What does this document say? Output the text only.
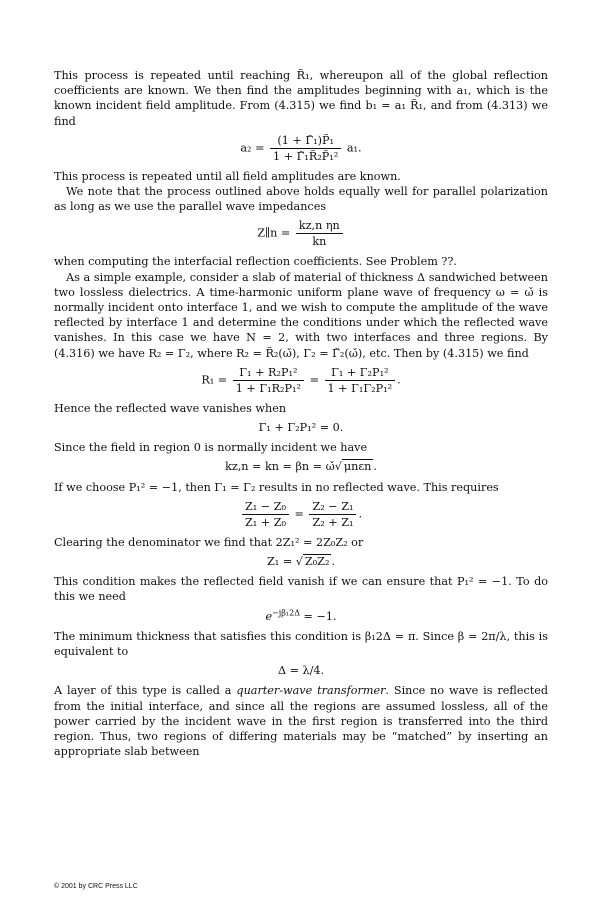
This process is repeated until reaching R̃₁, whereupon all of the global reflection coefficients are known. We then find the amplitudes beginning with a₁, which is the known incident field amplitude. From (4.315) we find b₁ = a₁ R̃₁, and from (4.313) we find

$a_2 = \frac{\text{(1 + Γ̃₁)P̃₁}}{\text{1 + Γ̃₁R̃₂P̃₁²}} a_1$.

This process is repeated until all field amplitudes are known.

We note that the process outlined above holds equally well for parallel polarization as long as we use the parallel wave impedances

Z∥n = $\frac{\text{kz,n ηn}}{kn}$

when computing the interfacial reflection coefficients. See Problem ??.

As a simple example, consider a slab of material of thickness Δ sandwiched between two lossless dielectrics. A time-harmonic uniform plane wave of frequency ω = ω̌ is normally incident onto interface 1, and we wish to compute the amplitude of the wave reflected by interface 1 and determine the conditions under which the reflected wave vanishes. In this case we have N = 2, with two interfaces and three regions. By (4.316) we have R₂ = Γ₂, where R₂ = R̃₂(ω̌), Γ₂ = Γ̃₂(ω̌), etc. Then by (4.315) we find

$R_1 = \frac{\text{Γ₁ + R₂P₁²}}{\text{1 + Γ₁R₂P₁²}} = \frac{\text{Γ₁ + Γ₂P₁²}}{\text{1 + Γ₁Γ₂P₁²}}$ .

Hence the reflected wave vanishes when

Γ₁ + Γ₂P₁² = 0.

Since the field in region 0 is normally incident we have

kz,n = kn = βn = ω̌√ μnεn .

If we choose P₁² = −1, then Γ₁ = Γ₂ results in no reflected wave. This requires

$\frac{\text{Z₁ − Z₀}}{\text{Z₁ + Z₀}} = \frac{\text{Z₂ − Z₁}}{\text{Z₂ + Z₁}}$ .

Clearing the denominator we find that 2Z₁² = 2Z₀Z₂ or

Z₁ = √ Z₀Z₂ .

This condition makes the reflected field vanish if we can ensure that P₁² = −1. To do this we need

$e^{-j\beta_12\Delta} = -1$.

The minimum thickness that satisfies this condition is β₁2Δ = π. Since β = 2π/λ, this is equivalent to

Δ = λ/4.

A layer of this type is called a quarter-wave transformer. Since no wave is reflected from the initial interface, and since all the regions are assumed lossless, all of the power carried by the incident wave in the first region is transferred into the third region. Thus, two regions of differing materials may be “matched” by inserting an appropriate slab between

© 2001 by CRC Press LLC
